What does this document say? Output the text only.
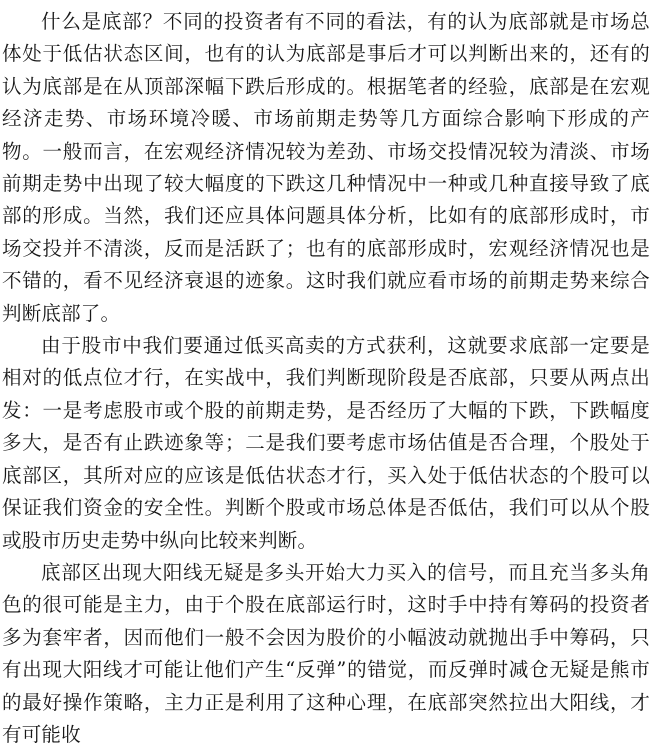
什么是底部？不同的投资者有不同的看法，有的认为底部就是市场总体处于低估状态区间，也有的认为底部是事后才可以判断出来的，还有的认为底部是在从顶部深幅下跌后形成的。根据笔者的经验，底部是在宏观经济走势、市场环境冷暖、市场前期走势等几方面综合影响下形成的产物。一般而言，在宏观经济情况较为差劲、市场交投情况较为清淡、市场前期走势中出现了较大幅度的下跌这几种情况中一种或几种直接导致了底部的形成。当然，我们还应具体问题具体分析，比如有的底部形成时，市场交投并不清淡，反而是活跃了；也有的底部形成时，宏观经济情况也是不错的，看不见经济衰退的迹象。这时我们就应看市场的前期走势来综合判断底部了。

由于股市中我们要通过低买高卖的方式获利，这就要求底部一定要是相对的低点位才行，在实战中，我们判断现阶段是否底部，只要从两点出发：一是考虑股市或个股的前期走势，是否经历了大幅的下跌，下跌幅度多大，是否有止跌迹象等；二是我们要考虑市场估值是否合理，个股处于底部区，其所对应的应该是低估状态才行，买入处于低估状态的个股可以保证我们资金的安全性。判断个股或市场总体是否低估，我们可以从个股或股市历史走势中纵向比较来判断。

底部区出现大阳线无疑是多头开始大力买入的信号，而且充当多头角色的很可能是主力，由于个股在底部运行时，这时手中持有筹码的投资者多为套牢者，因而他们一般不会因为股价的小幅波动就抛出手中筹码，只有出现大阳线才可能让他们产生“反弹”的错觉，而反弹时减仓无疑是熊市的最好操作策略，主力正是利用了这种心理，在底部突然拉出大阳线，才有可能收
